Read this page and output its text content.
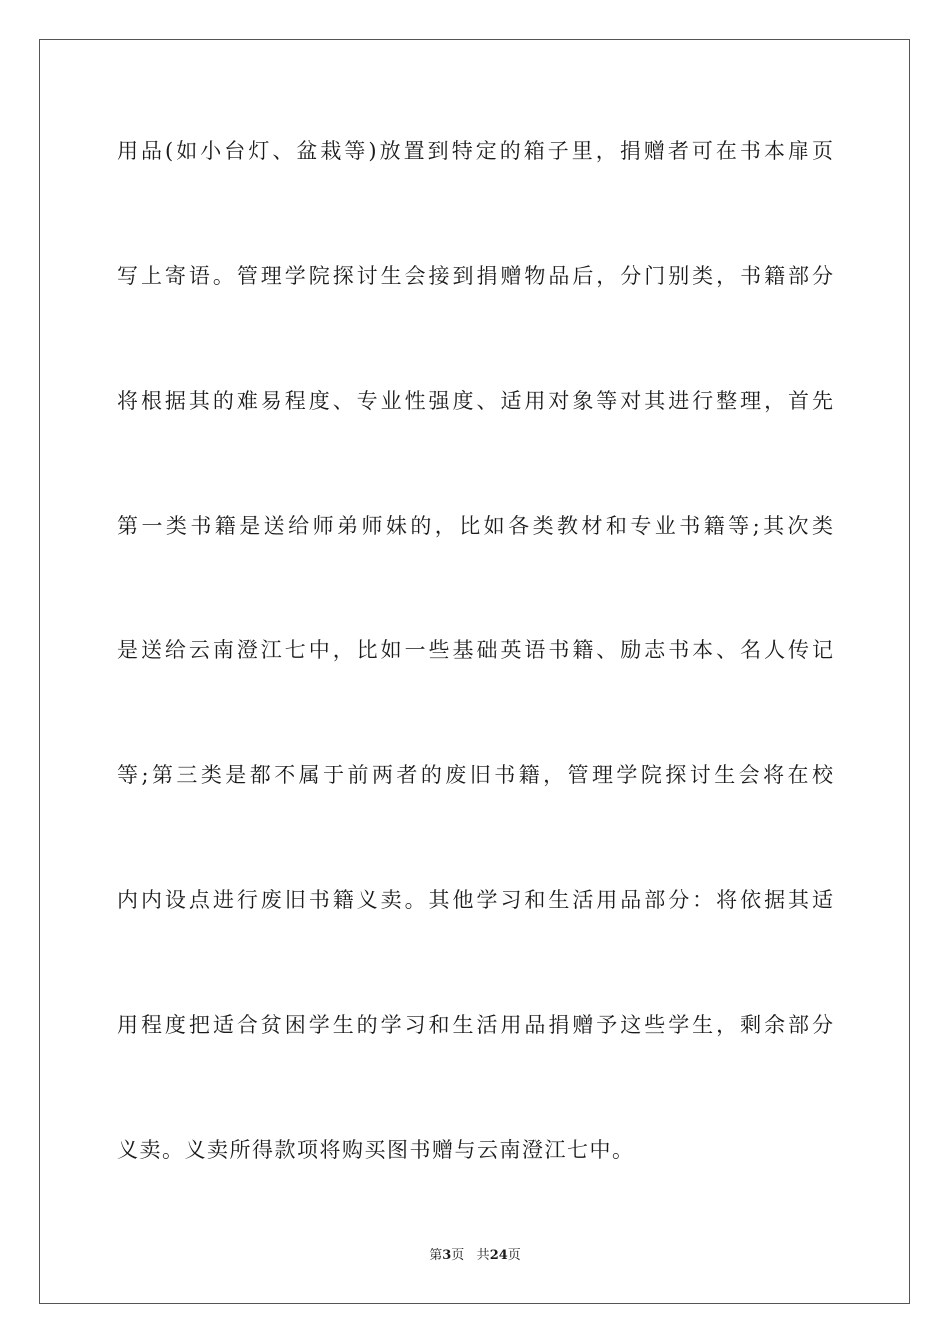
用品(如小台灯、盆栽等)放置到特定的箱子里，捐赠者可在书本扉页
写上寄语。管理学院探讨生会接到捐赠物品后，分门别类，书籍部分
将根据其的难易程度、专业性强度、适用对象等对其进行整理，首先
第一类书籍是送给师弟师妹的，比如各类教材和专业书籍等;其次类
是送给云南澄江七中，比如一些基础英语书籍、励志书本、名人传记
等;第三类是都不属于前两者的废旧书籍，管理学院探讨生会将在校
内内设点进行废旧书籍义卖。其他学习和生活用品部分：将依据其适
用程度把适合贫困学生的学习和生活用品捐赠予这些学生，剩余部分
义卖。义卖所得款项将购买图书赠与云南澄江七中。
第3页 共24页
